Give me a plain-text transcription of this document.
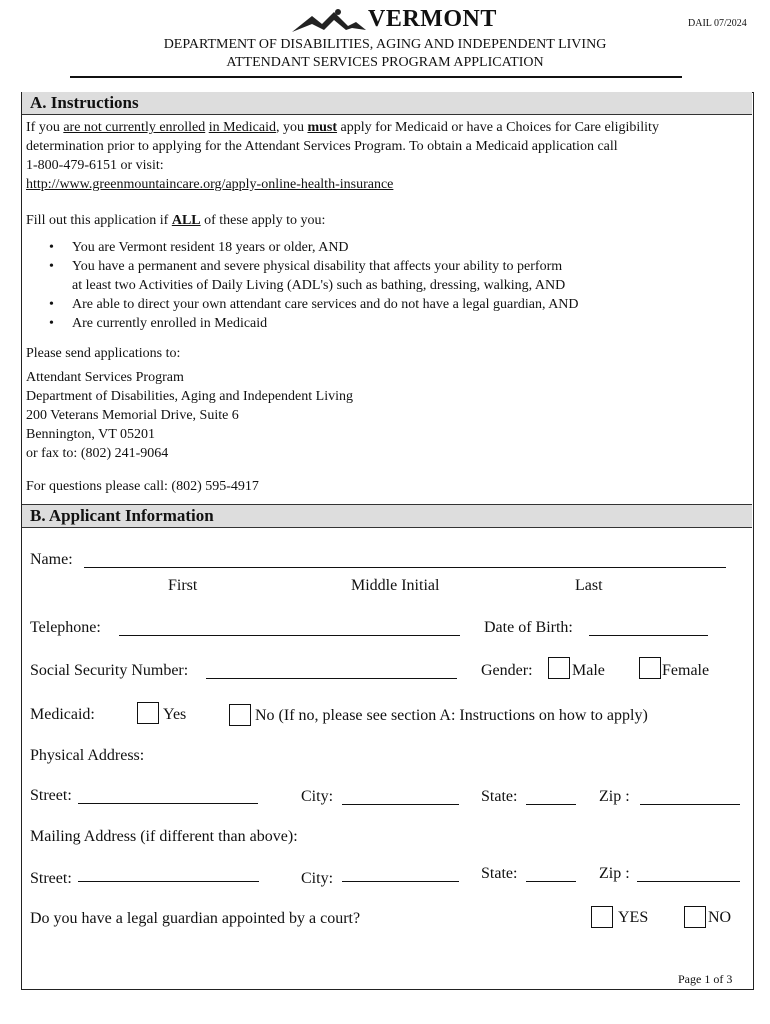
VERMONT	DAIL 07/2024
DEPARTMENT OF DISABILITIES, AGING AND INDEPENDENT LIVING
ATTENDANT SERVICES PROGRAM APPLICATION
A. Instructions
If you are not currently enrolled in Medicaid, you must apply for Medicaid or have a Choices for Care eligibility
determination prior to applying for the Attendant Services Program. To obtain a Medicaid application call
1-800-479-6151 or visit:
http://www.greenmountaincare.org/apply-online-health-insurance
Fill out this application if ALL of these apply to you:
• You are Vermont resident 18 years or older, AND
• You have a permanent and severe physical disability that affects your ability to perform
at least two Activities of Daily Living (ADL's) such as bathing, dressing, walking, AND
• Are able to direct your own attendant care services and do not have a legal guardian, AND
• Are currently enrolled in Medicaid
Please send applications to:
Attendant Services Program
Department of Disabilities, Aging and Independent Living
200 Veterans Memorial Drive, Suite 6
Bennington, VT 05201
or fax to: (802) 241-9064
For questions please call: (802) 595-4917
B. Applicant Information
Name:
First	Middle Initial	Last
Telephone:	Date of Birth:
Social Security Number:	Gender: Male	Female
Medicaid:	Yes	No (If no, please see section A: Instructions on how to apply)
Physical Address:
Street:	City:	State:	Zip :
Mailing Address (if different than above):
Street:	City:	State:	Zip :
Do you have a legal guardian appointed by a court?	YES	NO
Page 1 of 3
